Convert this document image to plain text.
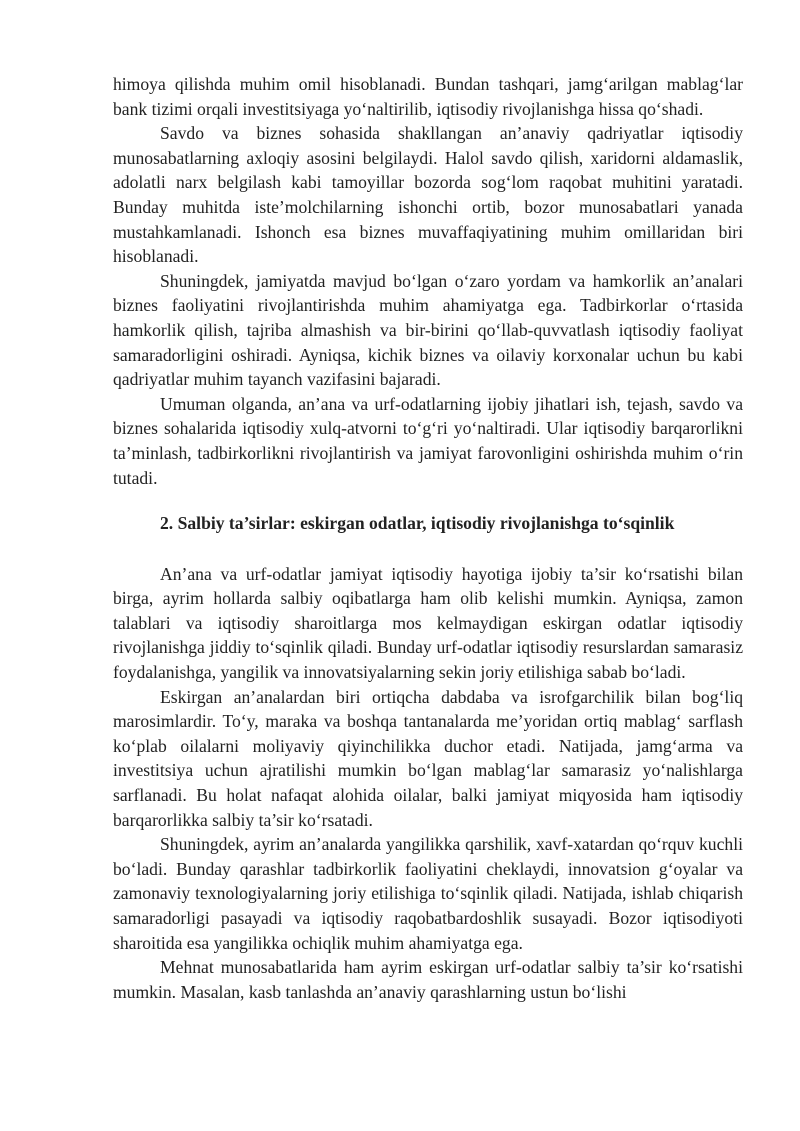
himoya qilishda muhim omil hisoblanadi. Bundan tashqari, jamg‘arilgan mablag‘lar bank tizimi orqali investitsiyaga yo‘naltirilib, iqtisodiy rivojlanishga hissa qo‘shadi.

Savdo va biznes sohasida shakllangan an’anaviy qadriyatlar iqtisodiy munosabatlarning axloqiy asosini belgilaydi. Halol savdo qilish, xaridorni aldamaslik, adolatli narx belgilash kabi tamoyillar bozorda sog‘lom raqobat muhitini yaratadi. Bunday muhitda iste’molchilarning ishonchi ortib, bozor munosabatlari yanada mustahkamlanadi. Ishonch esa biznes muvaffaqiyatining muhim omillaridan biri hisoblanadi.

Shuningdek, jamiyatda mavjud bo‘lgan o‘zaro yordam va hamkorlik an’analari biznes faoliyatini rivojlantirishda muhim ahamiyatga ega. Tadbirkorlar o‘rtasida hamkorlik qilish, tajriba almashish va bir-birini qo‘llab-quvvatlash iqtisodiy faoliyat samaradorligini oshiradi. Ayniqsa, kichik biznes va oilaviy korxonalar uchun bu kabi qadriyatlar muhim tayanch vazifasini bajaradi.

Umuman olganda, an’ana va urf-odatlarning ijobiy jihatlari ish, tejash, savdo va biznes sohalarida iqtisodiy xulq-atvorni to‘g‘ri yo‘naltiradi. Ular iqtisodiy barqarorlikni ta’minlash, tadbirkorlikni rivojlantirish va jamiyat farovonligini oshirishda muhim o‘rin tutadi.

2. Salbiy ta’sirlar: eskirgan odatlar, iqtisodiy rivojlanishga to‘sqinlik

An’ana va urf-odatlar jamiyat iqtisodiy hayotiga ijobiy ta’sir ko‘rsatishi bilan birga, ayrim hollarda salbiy oqibatlarga ham olib kelishi mumkin. Ayniqsa, zamon talablari va iqtisodiy sharoitlarga mos kelmaydigan eskirgan odatlar iqtisodiy rivojlanishga jiddiy to‘sqinlik qiladi. Bunday urf-odatlar iqtisodiy resurslardan samarasiz foydalanishga, yangilik va innovatsiyalarning sekin joriy etilishiga sabab bo‘ladi.

Eskirgan an’analardan biri ortiqcha dabdaba va isrofgarchilik bilan bog‘liq marosimlardir. To‘y, maraka va boshqa tantanalarda me’yoridan ortiq mablag‘ sarflash ko‘plab oilalarni moliyaviy qiyinchilikka duchor etadi. Natijada, jamg‘arma va investitsiya uchun ajratilishi mumkin bo‘lgan mablag‘lar samarasiz yo‘nalishlarga sarflanadi. Bu holat nafaqat alohida oilalar, balki jamiyat miqyosida ham iqtisodiy barqarorlikka salbiy ta’sir ko‘rsatadi.

Shuningdek, ayrim an’analarda yangilikka qarshilik, xavf-xatardan qo‘rquv kuchli bo‘ladi. Bunday qarashlar tadbirkorlik faoliyatini cheklaydi, innovatsion g‘oyalar va zamonaviy texnologiyalarning joriy etilishiga to‘sqinlik qiladi. Natijada, ishlab chiqarish samaradorligi pasayadi va iqtisodiy raqobatbardoshlik susayadi. Bozor iqtisodiyoti sharoitida esa yangilikka ochiqlik muhim ahamiyatga ega.

Mehnat munosabatlarida ham ayrim eskirgan urf-odatlar salbiy ta’sir ko‘rsatishi mumkin. Masalan, kasb tanlashda an’anaviy qarashlarning ustun bo‘lishi
